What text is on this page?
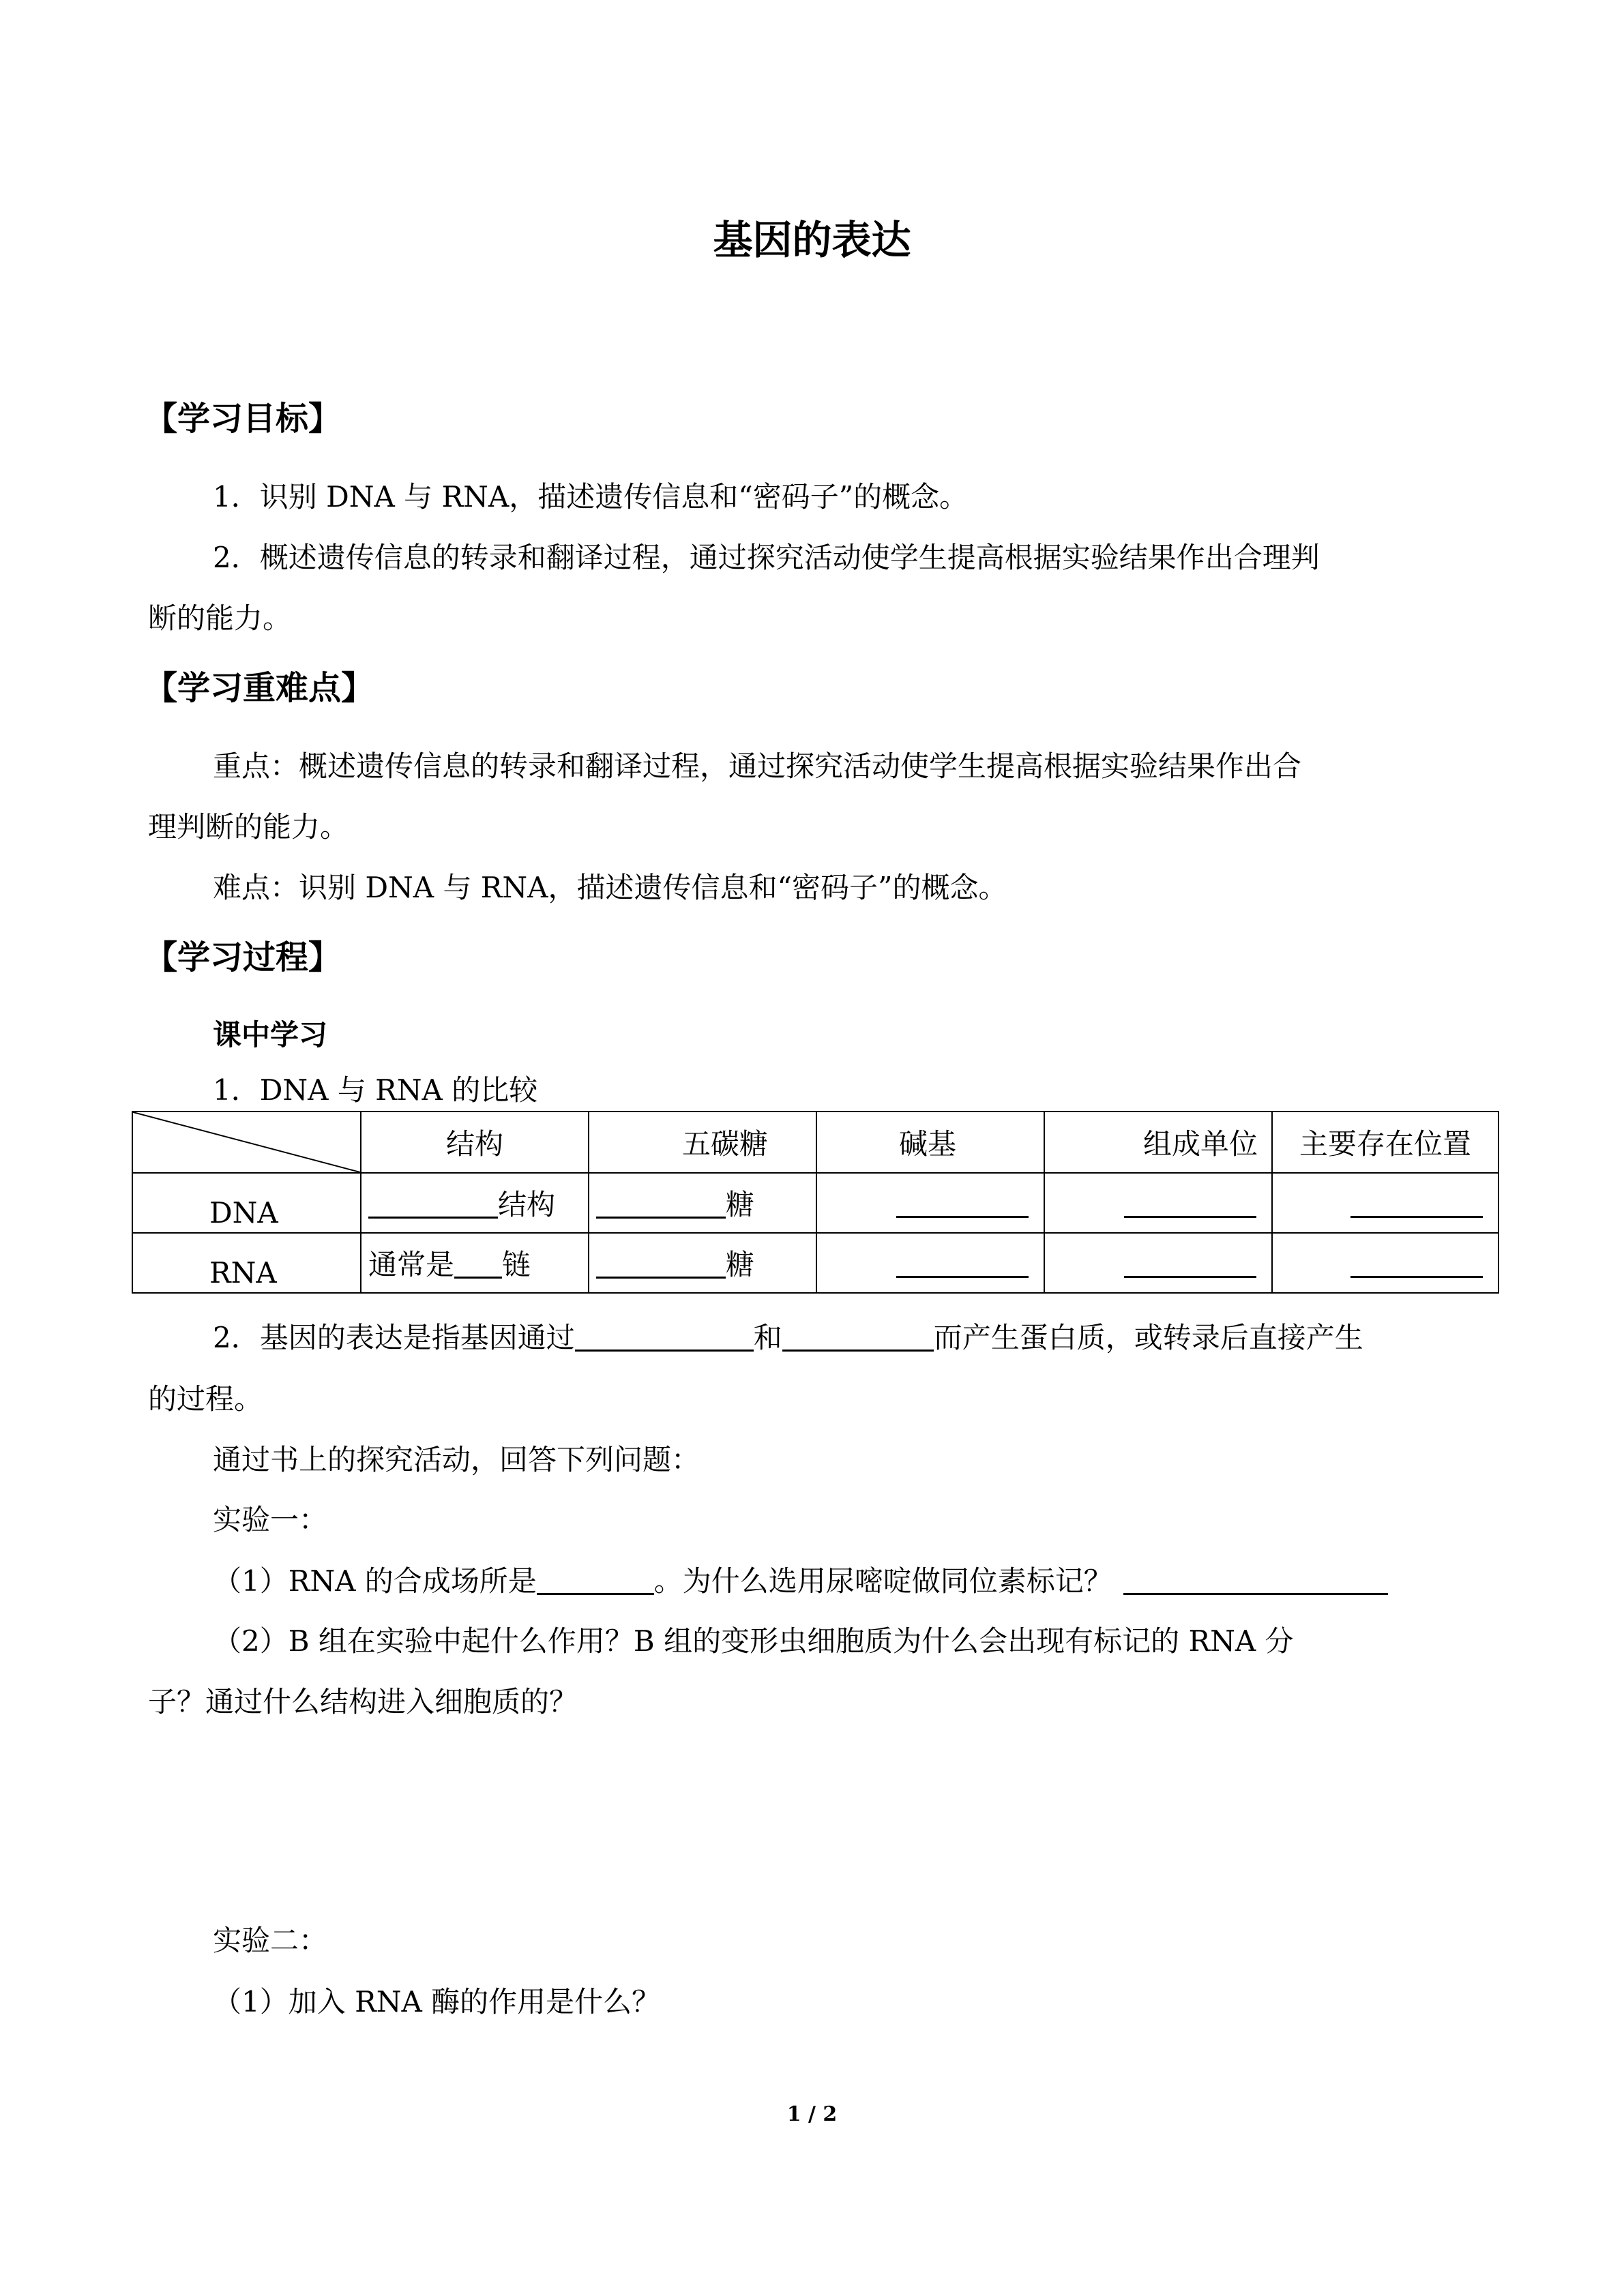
基因的表达
【学习目标】
1．识别 DNA 与 RNA，描述遗传信息和“密码子”的概念。
2．概述遗传信息的转录和翻译过程，通过探究活动使学生提高根据实验结果作出合理判
断的能力。
【学习重难点】
重点：概述遗传信息的转录和翻译过程，通过探究活动使学生提高根据实验结果作出合
理判断的能力。
难点：识别 DNA 与 RNA，描述遗传信息和“密码子”的概念。
【学习过程】
课中学习
1．DNA 与 RNA 的比较
	结构	五碳糖	碱基	组成单位	主要存在位置
DNA	结构	糖			
RNA	通常是 链	糖			
2．基因的表达是指基因通过	和	而产生蛋白质，或转录后直接产生
的过程。
通过书上的探究活动，回答下列问题：
实验一：
（1）RNA 的合成场所是	。为什么选用尿嘧啶做同位素标记？
（2）B 组在实验中起什么作用？B 组的变形虫细胞质为什么会出现有标记的 RNA 分
子？通过什么结构进入细胞质的？
实验二：
（1）加入 RNA 酶的作用是什么？
1 / 2
